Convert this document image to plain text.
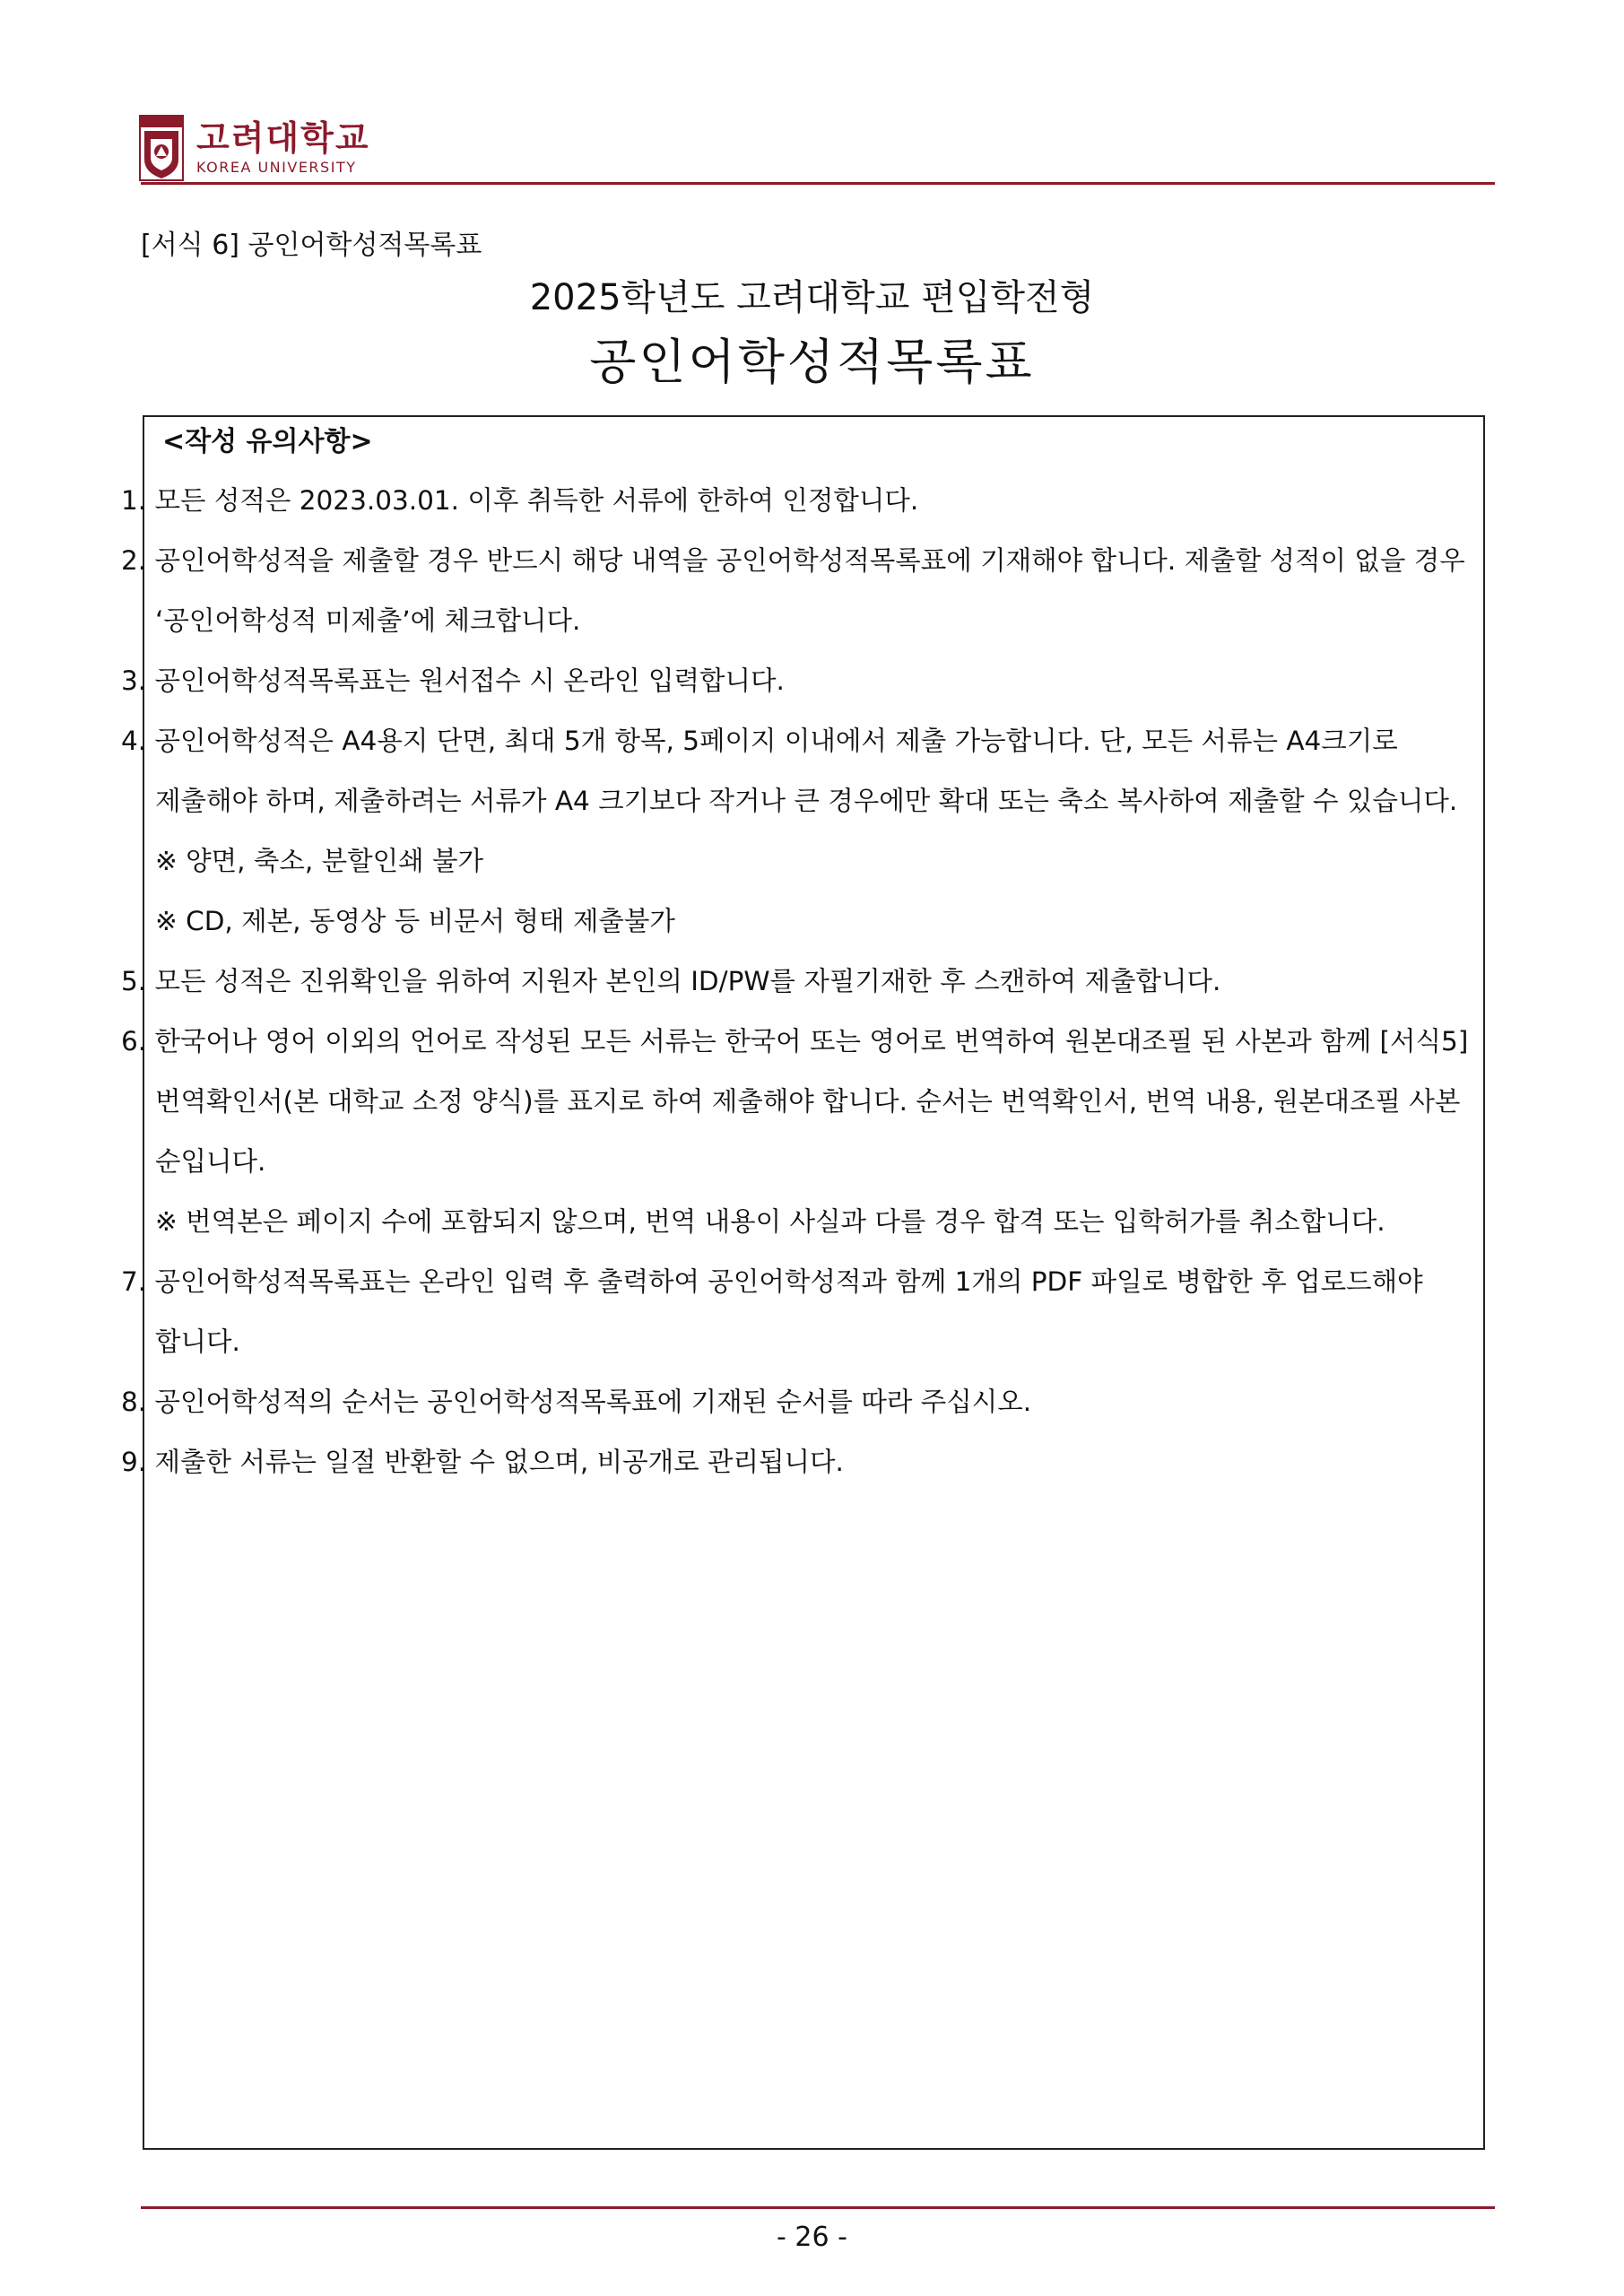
고려대학교
KOREA UNIVERSITY
[서식 6] 공인어학성적목록표
2025학년도 고려대학교 편입학전형
공인어학성적목록표
<작성 유의사항>
1. 모든 성적은 2023.03.01. 이후 취득한 서류에 한하여 인정합니다.
2. 공인어학성적을 제출할 경우 반드시 해당 내역을 공인어학성적목록표에 기재해야 합니다. 제출할 성적이 없을 경우 ‘공인어학성적 미제출’에 체크합니다.
3. 공인어학성적목록표는 원서접수 시 온라인 입력합니다.
4. 공인어학성적은 A4용지 단면, 최대 5개 항목, 5페이지 이내에서 제출 가능합니다. 단, 모든 서류는 A4크기로 제출해야 하며, 제출하려는 서류가 A4 크기보다 작거나 큰 경우에만 확대 또는 축소 복사하여 제출할 수 있습니다.
※ 양면, 축소, 분할인쇄 불가
※ CD, 제본, 동영상 등 비문서 형태 제출불가
5. 모든 성적은 진위확인을 위하여 지원자 본인의 ID/PW를 자필기재한 후 스캔하여 제출합니다.
6. 한국어나 영어 이외의 언어로 작성된 모든 서류는 한국어 또는 영어로 번역하여 원본대조필 된 사본과 함께 [서식5] 번역확인서(본 대학교 소정 양식)를 표지로 하여 제출해야 합니다. 순서는 번역확인서, 번역 내용, 원본대조필 사본 순입니다.
※ 번역본은 페이지 수에 포함되지 않으며, 번역 내용이 사실과 다를 경우 합격 또는 입학허가를 취소합니다.
7. 공인어학성적목록표는 온라인 입력 후 출력하여 공인어학성적과 함께 1개의 PDF 파일로 병합한 후 업로드해야 합니다.
8. 공인어학성적의 순서는 공인어학성적목록표에 기재된 순서를 따라 주십시오.
9. 제출한 서류는 일절 반환할 수 없으며, 비공개로 관리됩니다.
- 26 -
